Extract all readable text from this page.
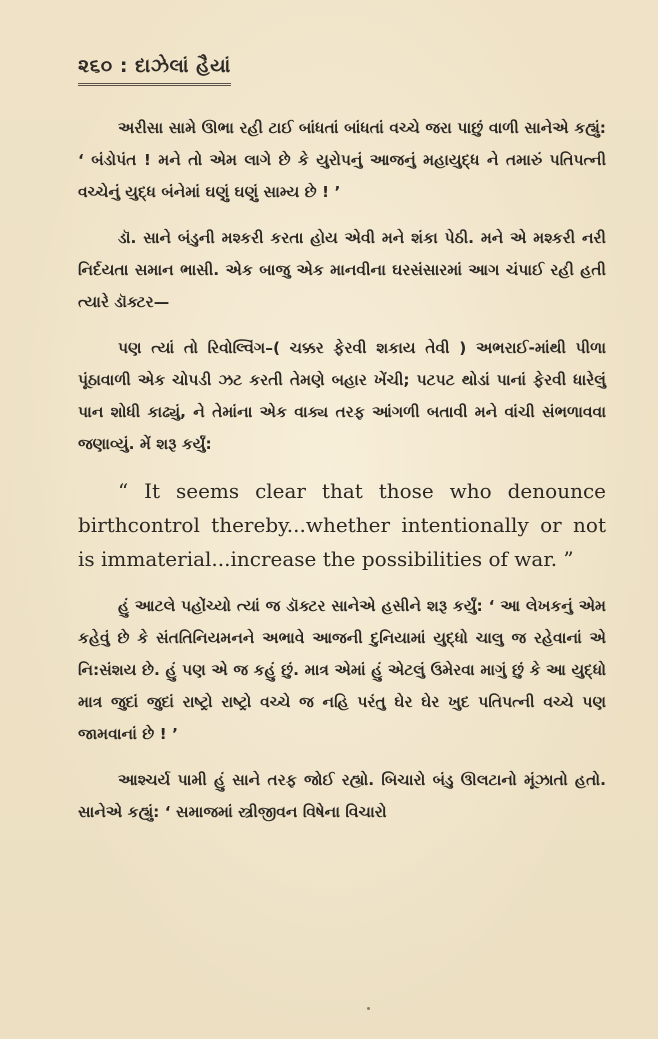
૨૬૦ : દાઝેલાં હૈયાં

અરીસા સામે ઊભા રહી ટાઈ બાંધતાં બાંધતાં વચ્ચે જરા પાછું વાળી સાનેએ કહ્યું: ‘ બંડોપંત ! મને તો એમ લાગે છે કે યુરોપનું આજનું મહાયુદ્ધ ને તમારું પતિપત્ની વચ્ચેનું યુદ્ધ બંનેમાં ઘણું ઘણું સામ્ય છે ! ’

ડૉ. સાને બંડુની મશ્કરી કરતા હોય એવી મને શંકા પેઠી. મને એ મશ્કરી નરી નિર્દયતા સમાન ભાસી. એક બાજુ એક માનવીના ઘરસંસારમાં આગ ચંપાઈ રહી હતી ત્યારે ડૉક્ટર—

પણ ત્યાં તો રિવોલ્વિંગ–( ચક્કર ફેરવી શકાય તેવી ) અભરાઈ-માંથી પીળા પૂંઠાવાળી એક ચોપડી ઝટ કરતી તેમણે બહાર ખેંચી; પટપટ થોડાં પાનાં ફેરવી ધારેલું પાન શોધી કાઢ્યું, ને તેમાંના એક વાક્ય તરફ આંગળી બતાવી મને વાંચી સંભળાવવા જણાવ્યું. મેં શરૂ કર્યું:

“ It seems clear that those who denounce birthcontrol thereby...whether intentionally or not is immaterial...increase the possibilities of war. ”

હું આટલે પહોંચ્યો ત્યાં જ ડૉક્ટર સાનેએ હસીને શરૂ કર્યું: ‘ આ લેખકનું એમ કહેવું છે કે સંતતિનિયમનને અભાવે આજની દુનિયામાં યુદ્ધો ચાલુ જ રહેવાનાં એ નિ:સંશય છે. હું પણ એ જ કહું છું. માત્ર એમાં હું એટલું ઉમેરવા માગું છું કે આ યુદ્ધો માત્ર જુદાં જુદાં રાષ્ટ્રો રાષ્ટ્રો વચ્ચે જ નહિ પરંતુ ઘેર ઘેર ખુદ પતિપત્ની વચ્ચે પણ જામવાનાં છે ! ’

આશ્ચર્ય પામી હું સાને તરફ જોઈ રહ્યો. બિચારો બંડુ ઊલટાનો મૂંઝાતો હતો. સાનેએ કહ્યું: ‘ સમાજમાં સ્ત્રીજીવન વિષેના વિચારો
